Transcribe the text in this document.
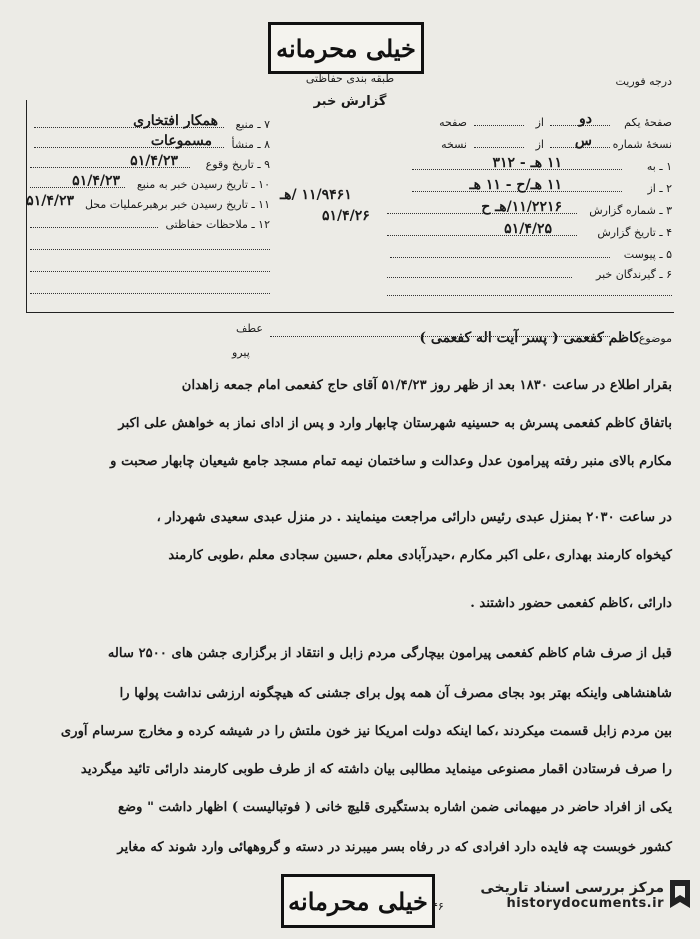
خیلی محرمانه
طبقه بندی حفاظتی	درجه فوریت
گزارش خبر
صفحهٔ یکم
دو
از
صفحه
نسخهٔ شماره
س
از
نسخه
۱ ـ به
۱۱ هـ - ۳۱۲
۲ ـ از
۱۱ هـ/ح - ۱۱ هـ
۳ ـ شماره گزارش
۱۱/۲۲۱۶/هـ ح
۴ ـ تاریخ گزارش
۵۱/۴/۲۵
۵ ـ پیوست
۶ ـ گیرندگان خبر
۷ ـ منبع
همکار افتخاری
۸ ـ منشأ
مسموعات
۹ ـ تاریخ وقوع
۵۱/۴/۲۳
۱۰ ـ تاریخ رسیدن خبر به منبع
۵۱/۴/۲۳
۱۱ ـ تاریخ رسیدن خبر برهبرعملیات محل
۵۱/۴/۲۳
۱۲ ـ ملاحظات حفاظتی
۱۱/۹۴۶۱ /هـ
۵۱/۴/۲۶
عطف
پیرو
موضوع
کاظم کفعمی ( پسر آیت اله کفعمی )
بقرار اطلاع در ساعت ۱۸۳۰ بعد از ظهر روز ۵۱/۴/۲۳ آقای حاج کفعمی امام جمعه زاهدان
باتفاق کاظم کفعمی پسرش به حسینیه شهرستان چابهار وارد و پس از ادای نماز به خواهش علی اکبر
مکارم بالای منبر رفته پیرامون عدل وعدالت و ساختمان نیمه تمام مسجد جامع شیعیان چابهار صحبت و
در ساعت ۲۰۳۰ بمنزل عبدی رئیس دارائی مراجعت مینمایند . در منزل عبدی سعیدی شهردار ،
کیخواه کارمند بهداری ،علی اکبر مکارم ،حیدرآبادی معلم ،حسین سجادی معلم ،طوبی کارمند
دارائی ،کاظم کفعمی حضور داشتند .
قبل از صرف شام کاظم کفعمی پیرامون بیچارگی مردم زابل و انتقاد از برگزاری جشن های ۲۵۰۰ ساله
شاهنشاهی واینکه بهتر بود بجای مصرف آن همه پول برای جشنی که هیچگونه ارزشی نداشت پولها را
بین مردم زابل قسمت میکردند ،کما اینکه دولت امریکا نیز خون ملتش را در شیشه کرده و مخارج سرسام آوری
را صرف فرستادن اقمار مصنوعی مینماید مطالبی بیان داشته که از طرف طوبی کارمند دارائی تائید میگردید
یکی از افراد حاضر در میهمانی ضمن اشاره بدستگیری قلیچ خانی ( فوتبالیست ) اظهار داشت " وضع
کشور خوبست چه فایده دارد افرادی که در رفاه بسر میبرند در دسته و گروههائی وارد شوند که مغایر
خیلی محرمانه ۴۶
مرکز بررسی اسناد تاریخی
historydocuments.ir
